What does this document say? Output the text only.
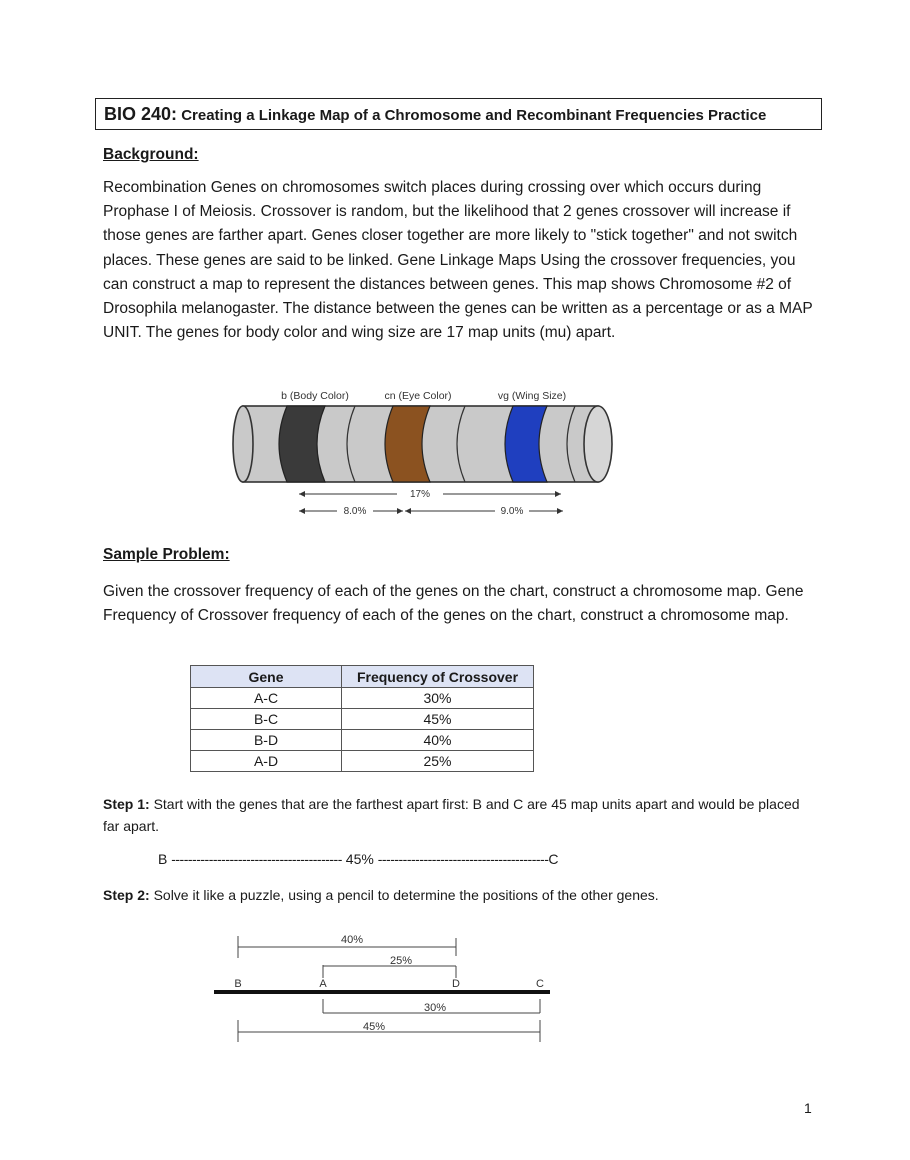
BIO 240: Creating a Linkage Map of a Chromosome and Recombinant Frequencies Practice
Background:
Recombination Genes on chromosomes switch places during crossing over which occurs during Prophase I of Meiosis. Crossover is random, but the likelihood that 2 genes crossover will increase if those genes are farther apart. Genes closer together are more likely to "stick together" and not switch places. These genes are said to be linked. Gene Linkage Maps Using the crossover frequencies, you can construct a map to represent the distances between genes. This map shows Chromosome #2 of Drosophila melanogaster. The distance between the genes can be written as a percentage or as a MAP UNIT. The genes for body color and wing size are 17 map units (mu) apart.
b (Body Color)	cn (Eye Color)	vg (Wing Size)
17%
8.0%	9.0%
Sample Problem:
Given the crossover frequency of each of the genes on the chart, construct a chromosome map. Gene Frequency of Crossover frequency of each of the genes on the chart, construct a chromosome map.
Gene	Frequency of Crossover
A-C	30%
B-C	45%
B-D	40%
A-D	25%
Step 1: Start with the genes that are the farthest apart first: B and C are 45 map units apart and would be placed far apart.
B ----------------------------------------- 45% -----------------------------------------C
Step 2: Solve it like a puzzle, using a pencil to determine the positions of the other genes.
40%
25%
B	A	D	C
30%
45%
1
